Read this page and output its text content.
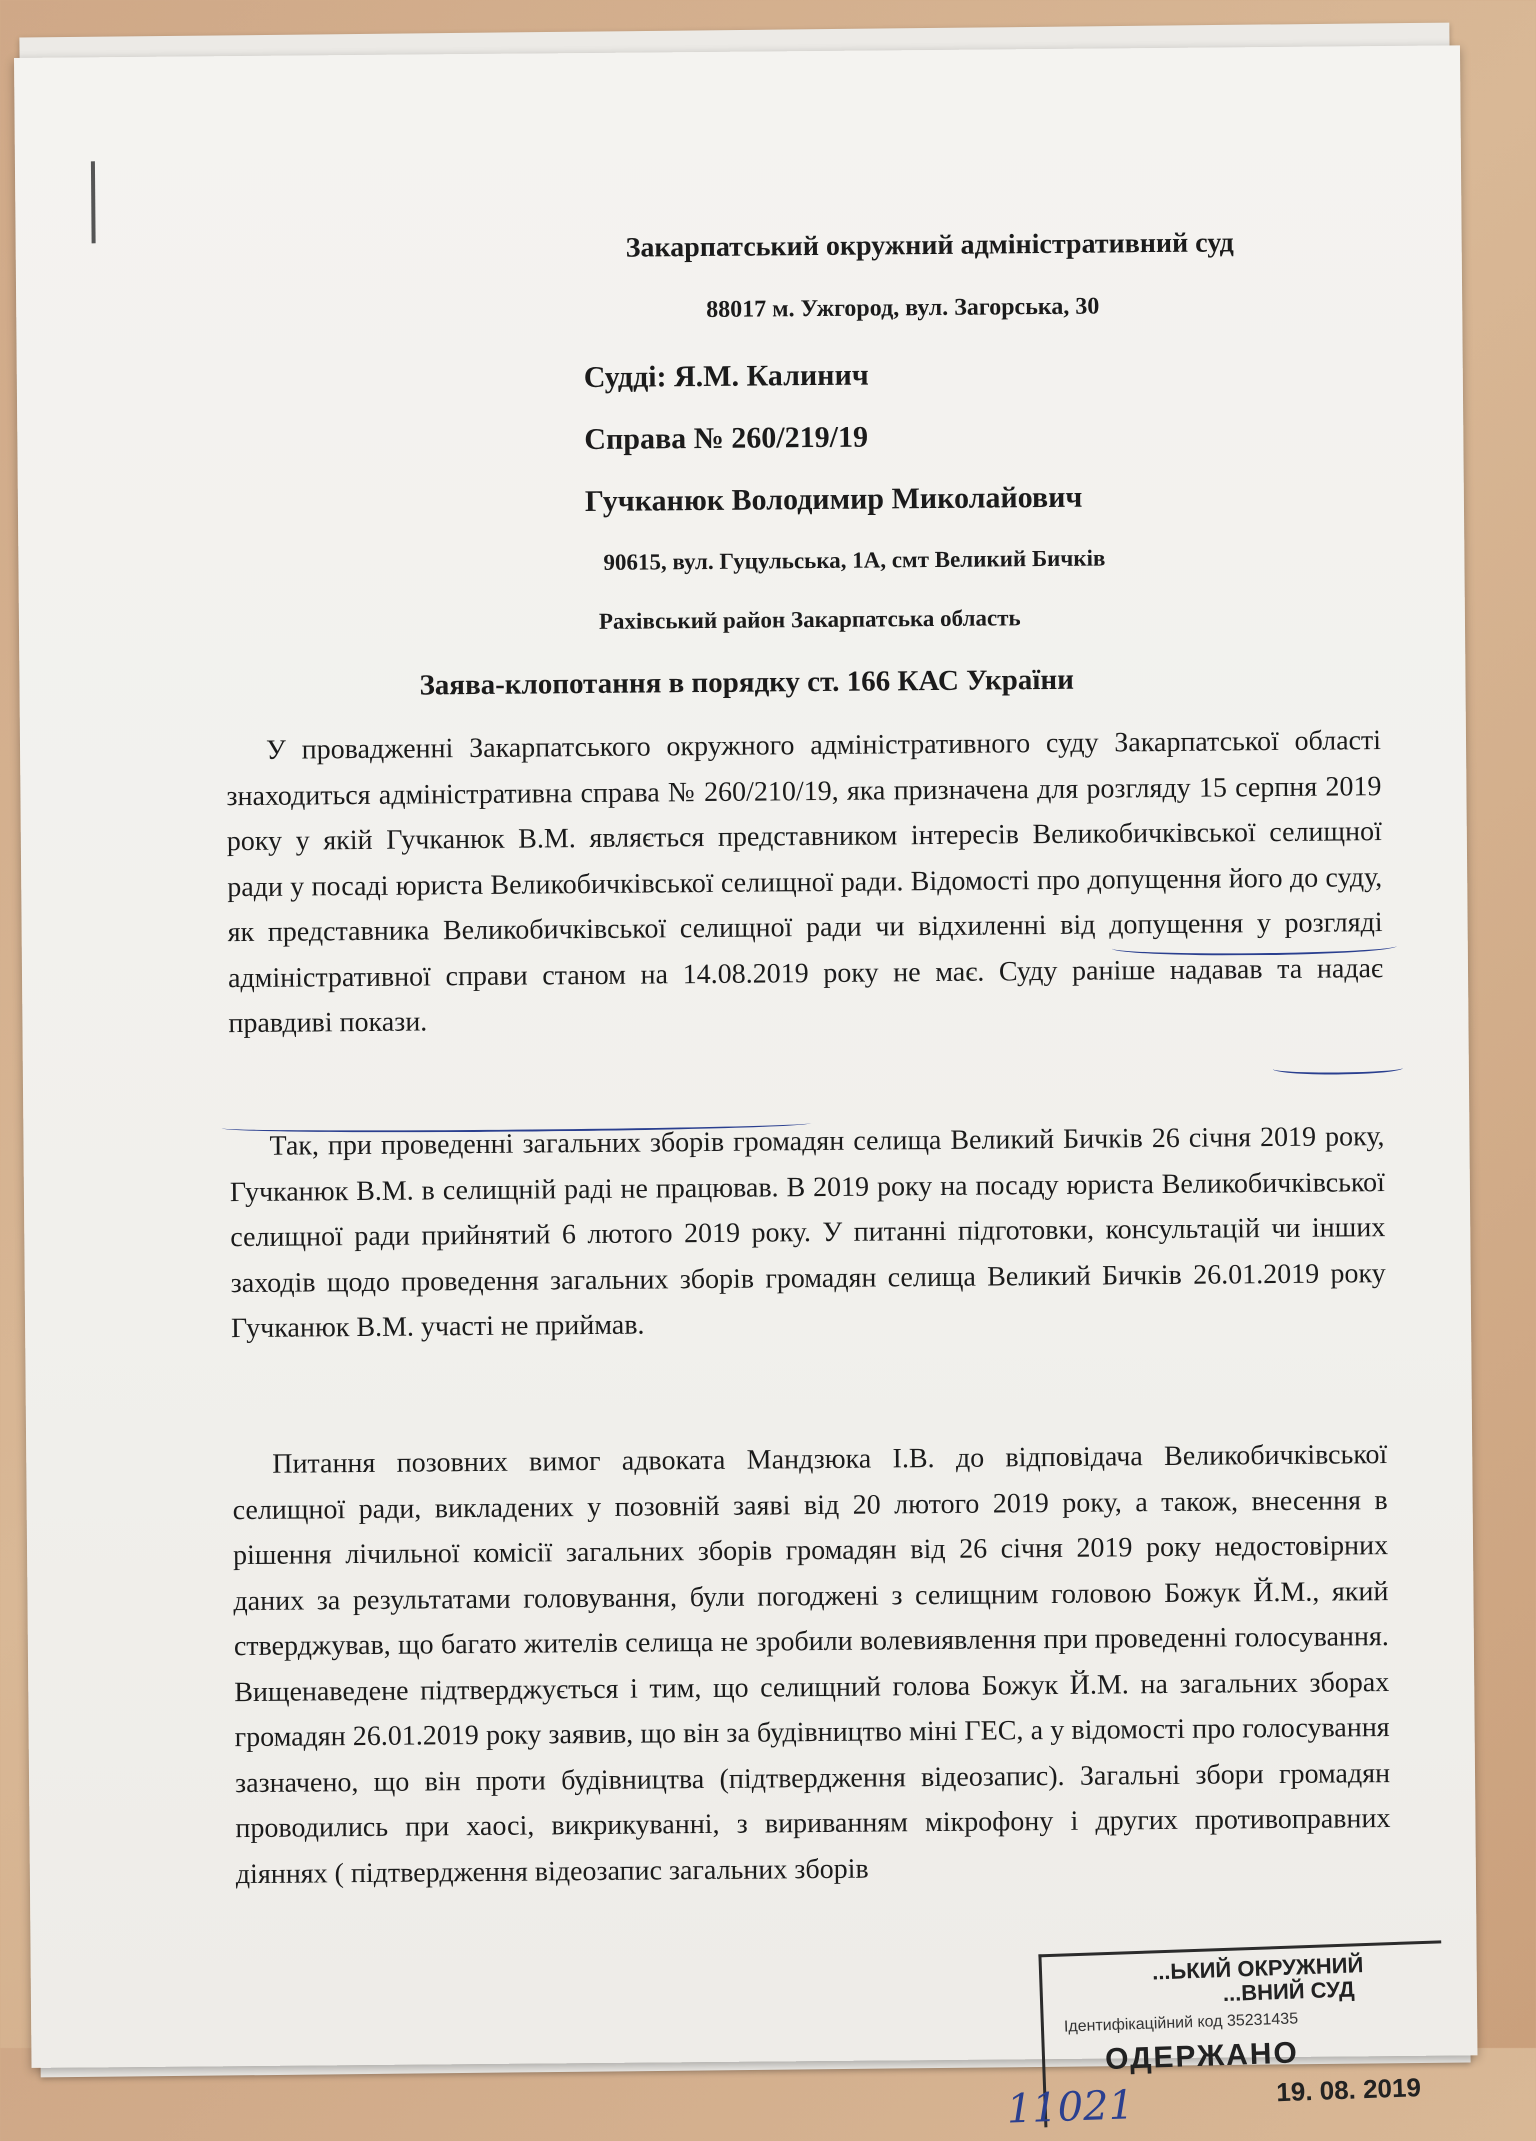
Закарпатський окружний адміністративний суд
88017 м. Ужгород, вул. Загорська, 30
Судді: Я.М. Калинич
Справа № 260/219/19
Гучканюк Володимир Миколайович
90615, вул. Гуцульська, 1А, смт Великий Бичків
Рахівський район Закарпатська область
Заява-клопотання в порядку ст. 166 КАС України

У провадженні Закарпатського окружного адміністративного суду Закарпатської області знаходиться адміністративна справа № 260/210/19, яка призначена для розгляду 15 серпня 2019 року у якій Гучканюк В.М. являється представником інтересів Великобичківської селищної ради у посаді юриста Великобичківської селищної ради. Відомості про допущення його до суду, як представника Великобичківської селищної ради чи відхиленні від допущення у розгляді адміністративної справи станом на 14.08.2019 року не має. Суду раніше надавав та надає правдиві покази.

Так, при проведенні загальних зборів громадян селища Великий Бичків 26 січня 2019 року, Гучканюк В.М. в селищній раді не працював. В 2019 року на посаду юриста Великобичківської селищної ради прийнятий 6 лютого 2019 року. У питанні підготовки, консультацій чи інших заходів щодо проведення загальних зборів громадян селища Великий Бичків 26.01.2019 року Гучканюк В.М. участі не приймав.

Питання позовних вимог адвоката Мандзюка І.В. до відповідача Великобичківської селищної ради, викладених у позовній заяві від 20 лютого 2019 року, а також, внесення в рішення лічильної комісії загальних зборів громадян від 26 січня 2019 року недостовірних даних за результатами головування, були погоджені з селищним головою Божук Й.М., який стверджував, що багато жителів селища не зробили волевиявлення при проведенні голосування. Вищенаведене підтверджується і тим, що селищний голова Божук Й.М. на загальних зборах громадян 26.01.2019 року заявив, що він за будівництво міні ГЕС, а у відомості про голосування зазначено, що він проти будівництва (підтвердження відеозапис). Загальні збори громадян проводились при хаосі, викрикуванні, з вириванням мікрофону і других противоправних діяннях ( підтвердження відеозапис загальних зборів

...ЬКИЙ ОКРУЖНИЙ
...ВНИЙ СУД
Ідентифікаційний код 35231435
ОДЕРЖАНО
19. 08. 2019
11021
